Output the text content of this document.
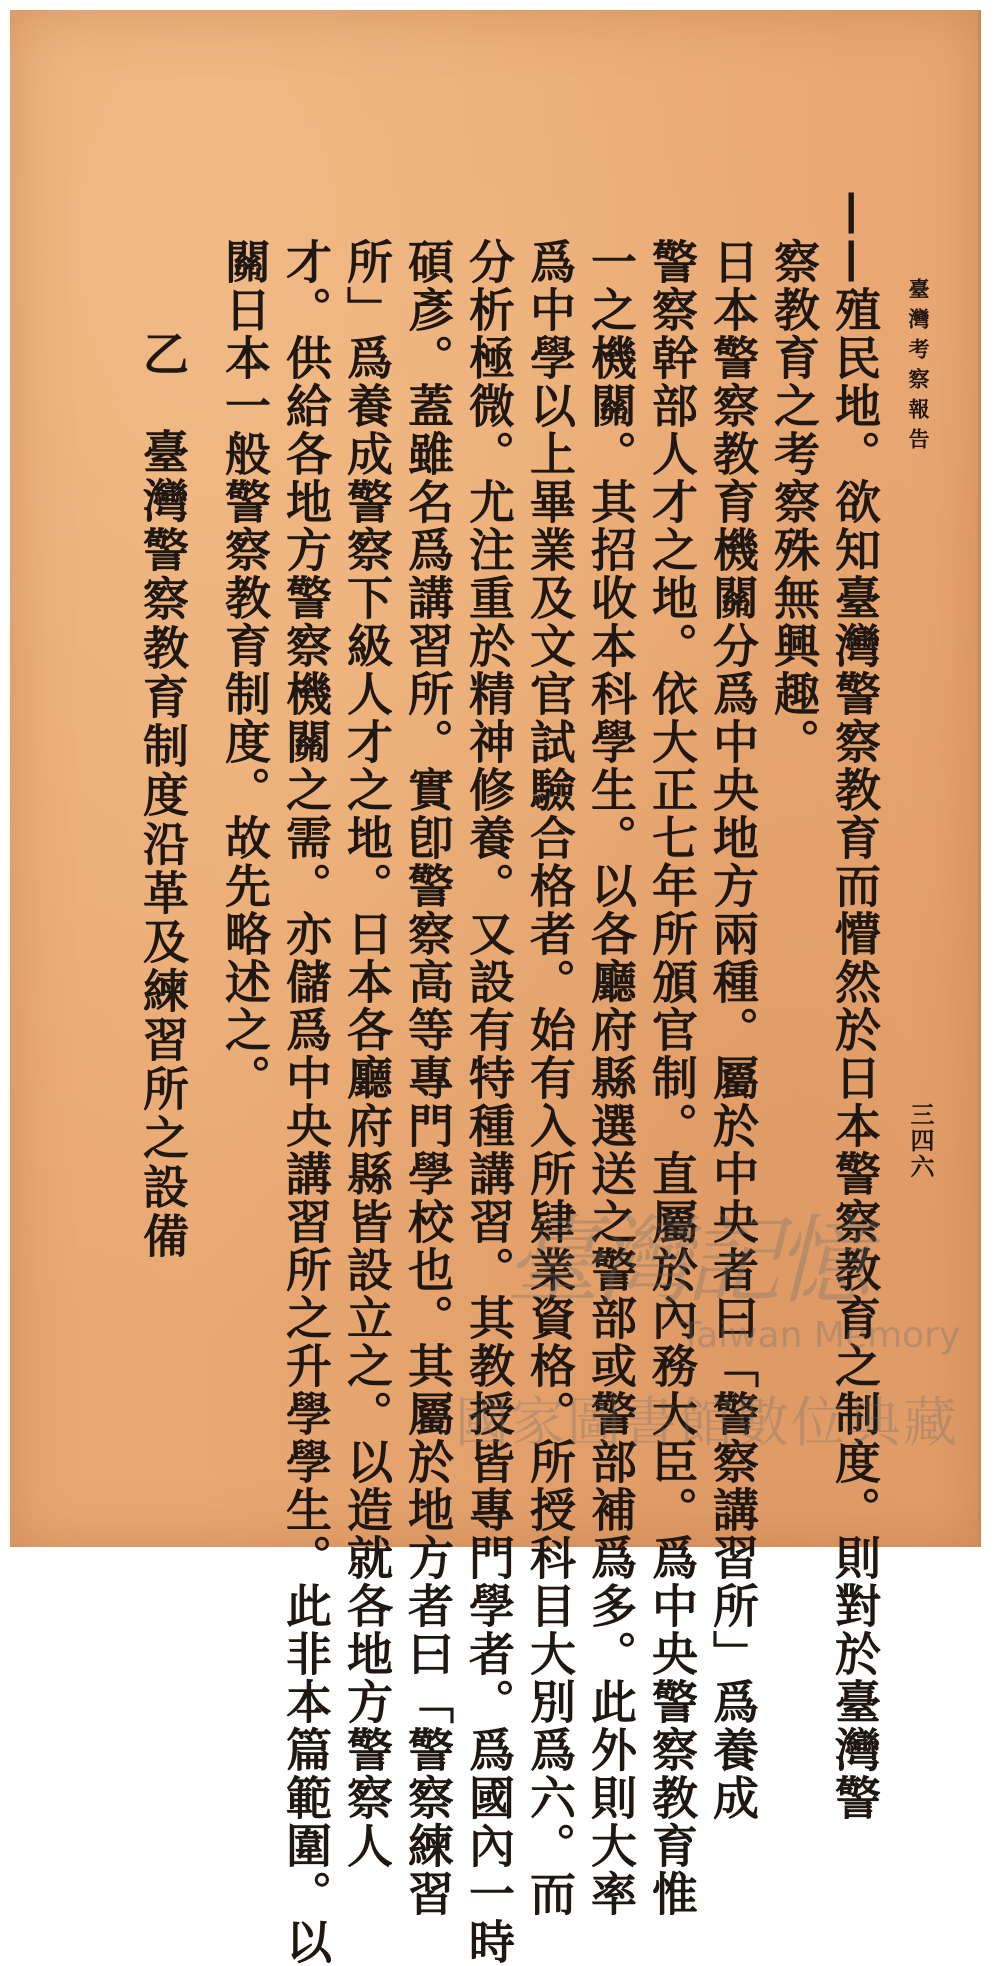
臺灣考察報告
三四六
——殖民地。欲知臺灣警察教育而懵然於日本警察教育之制度。則對於臺灣警
察教育之考察殊無興趣。
日本警察教育機關分爲中央地方兩種。屬於中央者曰「警察講習所」爲養成
警察幹部人才之地。依大正七年所頒官制。直屬於內務大臣。爲中央警察教育惟
一之機關。其招收本科學生。以各廳府縣選送之警部或警部補爲多。此外則大率
爲中學以上畢業及文官試驗合格者。始有入所肄業資格。所授科目大別爲六。而
分析極微。尤注重於精神修養。又設有特種講習。其教授皆專門學者。爲國內一時
碩彥。蓋雖名爲講習所。實卽警察高等專門學校也。其屬於地方者曰「警察練習
所」爲養成警察下級人才之地。日本各廳府縣皆設立之。以造就各地方警察人
才。供給各地方警察機關之需。亦儲爲中央講習所之升學學生。此非本篇範圍。以
關日本一般警察教育制度。故先略述之。
乙　臺灣警察教育制度沿革及練習所之設備	臺灣記憶
Taiwan Memory
國家圖書館數位典藏
